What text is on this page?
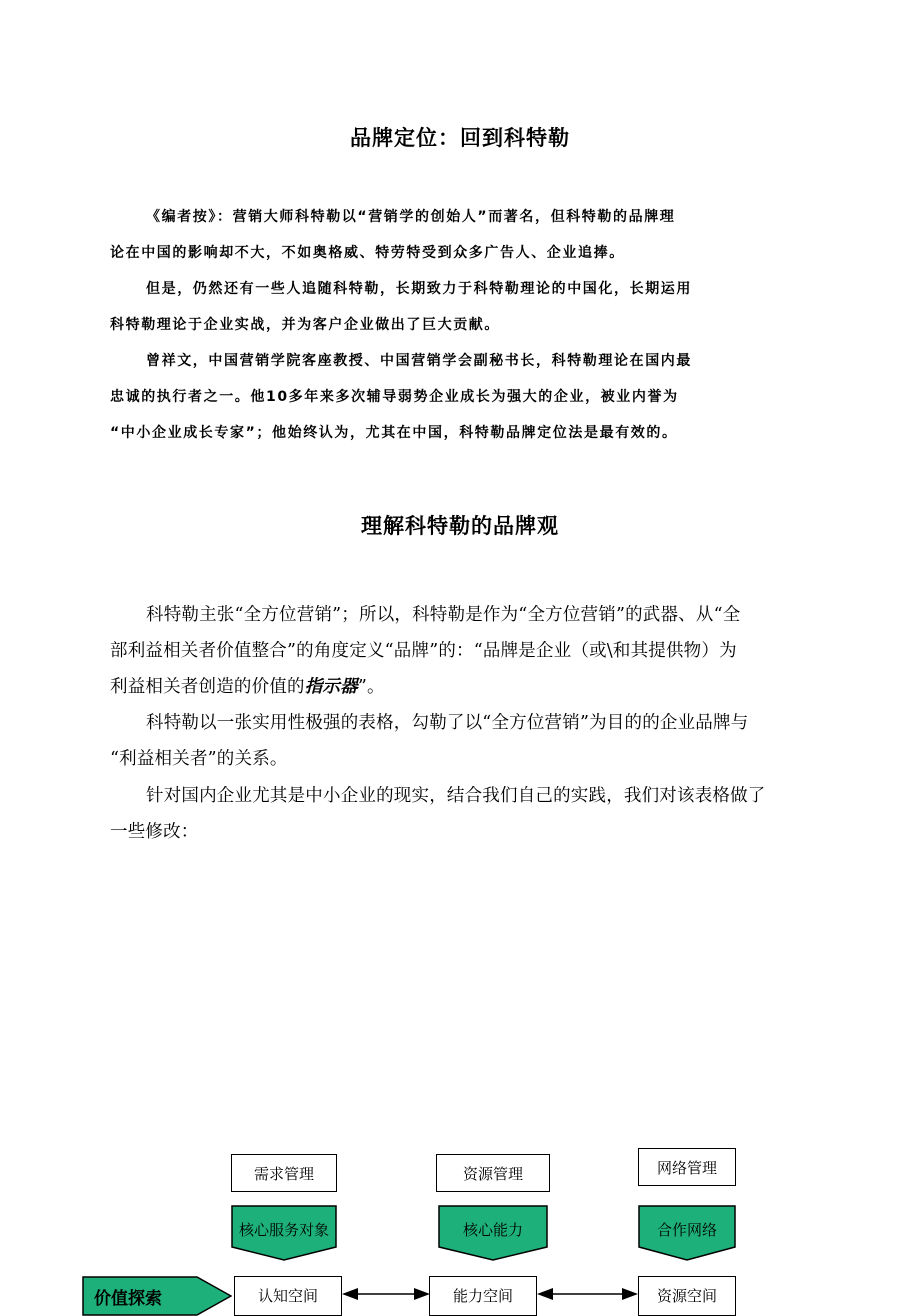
品牌定位：回到科特勒
《编者按》：营销大师科特勒以“营销学的创始人”而著名，但科特勒的品牌理
论在中国的影响却不大，不如奥格威、特劳特受到众多广告人、企业追捧。
但是，仍然还有一些人追随科特勒，长期致力于科特勒理论的中国化，长期运用
科特勒理论于企业实战，并为客户企业做出了巨大贡献。
曾祥文，中国营销学院客座教授、中国营销学会副秘书长，科特勒理论在国内最
忠诚的执行者之一。他10多年来多次辅导弱势企业成长为强大的企业，被业内誉为
“中小企业成长专家”；他始终认为，尤其在中国，科特勒品牌定位法是最有效的。
理解科特勒的品牌观
科特勒主张“全方位营销”；所以，科特勒是作为“全方位营销”的武器、从“全
部利益相关者价值整合”的角度定义“品牌”的：“品牌是企业（或\和其提供物）为
利益相关者创造的价值的指示器”。
科特勒以一张实用性极强的表格，勾勒了以“全方位营销”为目的的企业品牌与
“利益相关者”的关系。
针对国内企业尤其是中小企业的现实，结合我们自己的实践，我们对该表格做了
一些修改：
需求管理	资源管理	网络管理
核心服务对象	核心能力	合作网络
价值探索	认知空间	能力空间	资源空间
